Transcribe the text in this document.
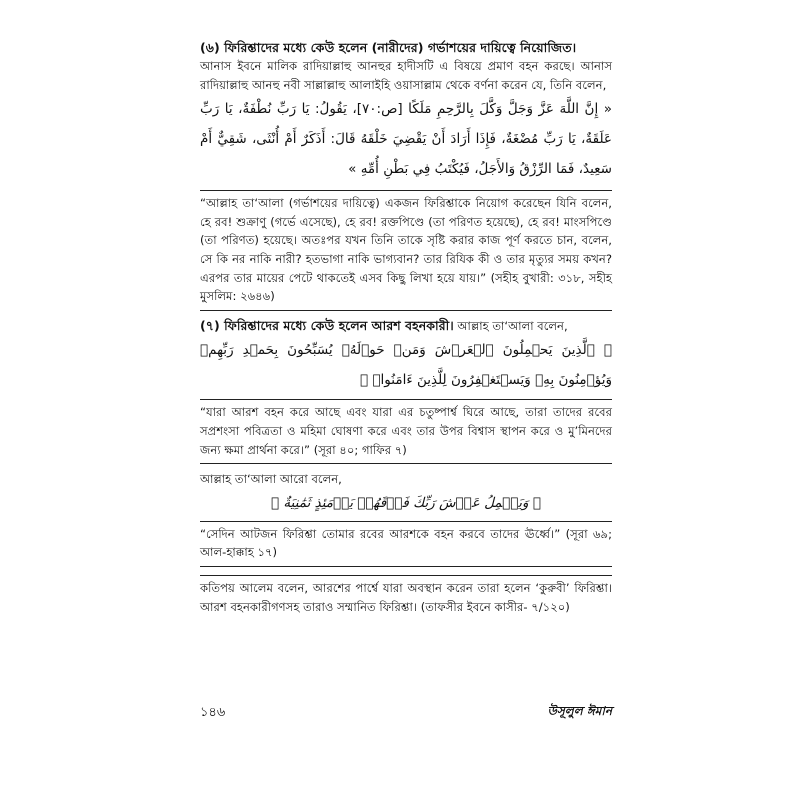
(৬) ফিরিশ্তাদের মধ্যে কেউ হলেন (নারীদের) গর্ভাশয়ের দায়িত্বে নিয়োজিত।

আনাস ইবনে মালিক রাদিয়াল্লাহু আনহুর হাদীসটি এ বিষয়ে প্রমাণ বহন করছে। আনাস রাদিয়াল্লাহু আনহু নবী সাল্লাল্লাহু আলাইহি ওয়াসাল্লাম থেকে বর্ণনা করেন যে, তিনি বলেন,

« إِنَّ اللَّهَ عَزَّ وَجَلَّ وَكَّلَ بِالرَّحِمِ مَلَكًا [ص:٧٠]، يَقُولُ: يَا رَبِّ نُطْفَةٌ، يَا رَبِّ عَلَقَةٌ، يَا رَبِّ مُضْغَةٌ، فَإِذَا أَرَادَ أَنْ يَقْضِيَ خَلْقَهُ قَالَ: أَذَكَرٌ أَمْ أُنْثَى، شَقِيٌّ أَمْ سَعِيدٌ، فَمَا الرِّزْقُ وَالأَجَلُ، فَيُكْتَبُ فِي بَطْنِ أُمِّهِ »

“আল্লাহ তা‘আলা (গর্ভাশয়ের দায়িত্বে) একজন ফিরিশ্তাকে নিয়োগ করেছেন যিনি বলেন, হে রব! শুক্রাণু (গর্ভে এসেছে), হে রব! রক্তপিণ্ডে (তা পরিণত হয়েছে), হে রব! মাংসপিণ্ডে (তা পরিণত) হয়েছে। অতঃপর যখন তিনি তাকে সৃষ্টি করার কাজ পূর্ণ করতে চান, বলেন, সে কি নর নাকি নারী? হতভাগা নাকি ভাগ্যবান? তার রিযিক কী ও তার মৃত্যুর সময় কখন? এরপর তার মায়ের পেটে থাকতেই এসব কিছু লিখা হয়ে যায়।” (সহীহ বুখারী: ৩১৮, সহীহ মুসলিম: ২৬৪৬)

(৭) ফিরিশ্তাদের মধ্যে কেউ হলেন আরশ বহনকারী। আল্লাহ তা‘আলা বলেন,

﴿ ٱلَّذِينَ يَحۡمِلُونَ ٱلۡعَرۡشَ وَمَنۡ حَوۡلَهُۥ يُسَبِّحُونَ بِحَمۡدِ رَبِّهِمۡ وَيُؤۡمِنُونَ بِهِۦ وَيَسۡتَغۡفِرُونَ لِلَّذِينَ ءَامَنُوا۟ ﴾

“যারা আরশ বহন করে আছে এবং যারা এর চতুষ্পার্শ্ব ঘিরে আছে, তারা তাদের রবের সপ্রশংসা পবিত্রতা ও মহিমা ঘোষণা করে এবং তার উপর বিশ্বাস স্থাপন করে ও মু’মিনদের জন্য ক্ষমা প্রার্থনা করে।” (সূরা ৪০; গাফির ৭)

আল্লাহ তা‘আলা আরো বলেন,

﴿ وَيَحۡمِلُ عَرۡشَ رَبِّكَ فَوۡقَهُمۡ يَوۡمَئِذٍ ثَمَٰنِيَةٌ ﴾

“সেদিন আটজন ফিরিশ্তা তোমার রবের আরশকে বহন করবে তাদের ঊর্ধ্বে।” (সূরা ৬৯; আল-হাক্কাহ ১৭)

কতিপয় আলেম বলেন, আরশের পার্শ্বে যারা অবস্থান করেন তারা হলেন ‘কুরুবী’ ফিরিশ্তা। আরশ বহনকারীগণসহ তারাও সম্মানিত ফিরিশ্তা। (তাফসীর ইবনে কাসীর- ৭/১২০)

১৪৬	উসূলুল ঈমান
